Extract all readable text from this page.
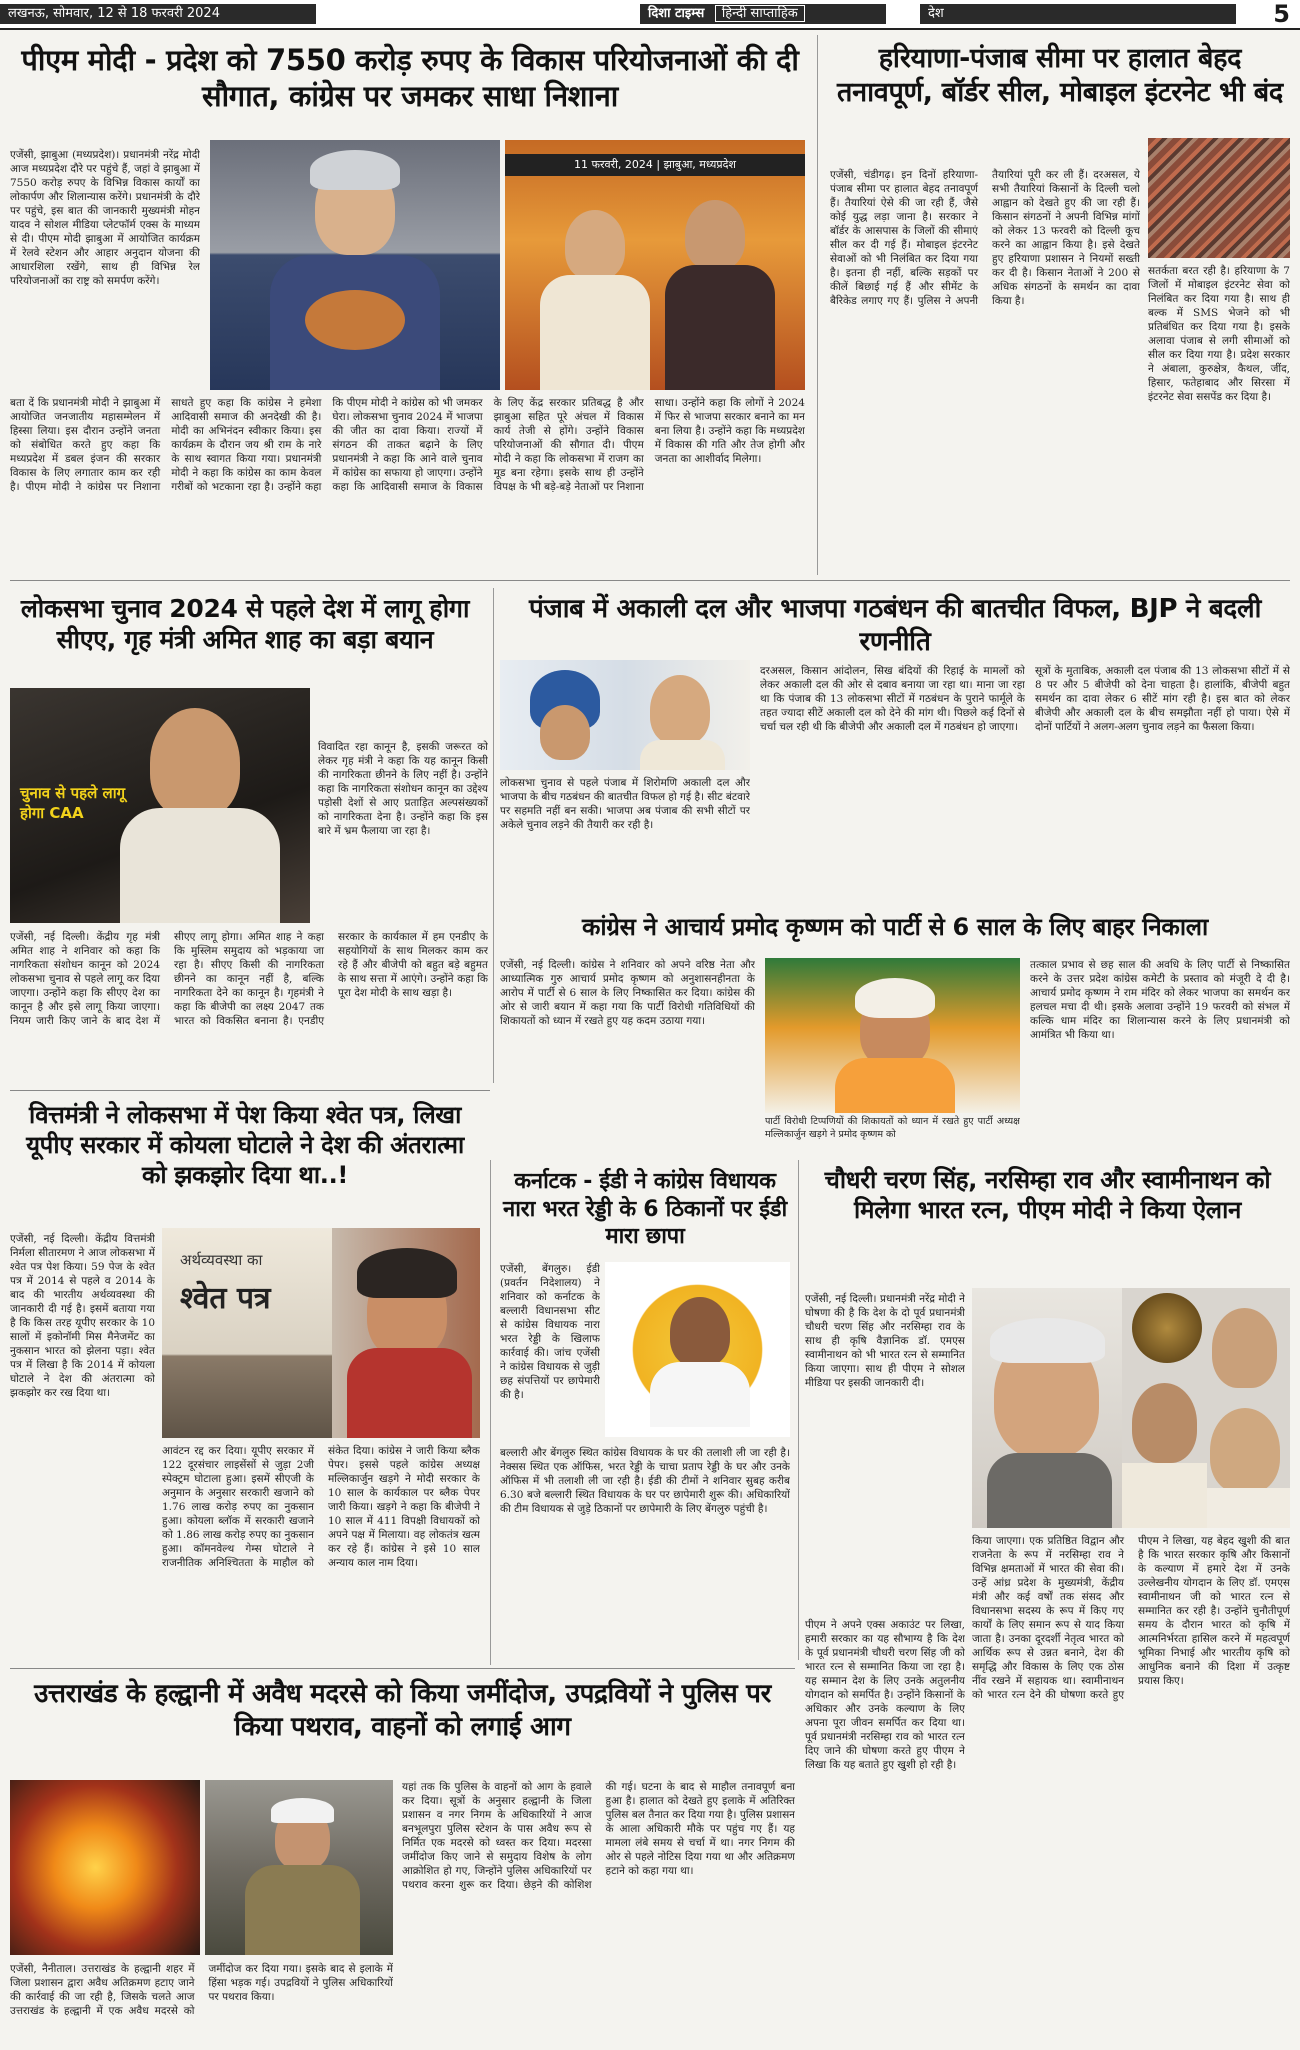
लखनऊ, सोमवार, 12 से 18 फरवरी 2024	दिशा टाइम्स हिन्दी साप्ताहिक	देश	5
पीएम मोदी - प्रदेश को 7550 करोड़ रुपए के विकास परियोजनाओं की दी सौगात, कांग्रेस पर जमकर साधा निशाना
एजेंसी, झाबुआ (मध्यप्रदेश)। प्रधानमंत्री नरेंद्र मोदी आज मध्यप्रदेश दौरे पर पहुंचे हैं, जहां वे झाबुआ में 7550 करोड़ रुपए के विभिन्न विकास कार्यों का लोकार्पण और शिलान्यास करेंगे। प्रधानमंत्री के दौरे पर पहुंचे, इस बात की जानकारी मुख्यमंत्री मोहन यादव ने सोशल मीडिया प्लेटफॉर्म एक्स के माध्यम से दी। पीएम मोदी झाबुआ में आयोजित कार्यक्रम में रेलवे स्टेशन और आहार अनुदान योजना की आधारशिला रखेंगे, साथ ही विभिन्न रेल परियोजनाओं का राष्ट्र को समर्पण करेंगे।
11 फरवरी, 2024 | झाबुआ, मध्यप्रदेश
बता दें कि प्रधानमंत्री मोदी ने झाबुआ में आयोजित जनजातीय महासम्मेलन में हिस्सा लिया। इस दौरान उन्होंने जनता को संबोधित करते हुए कहा कि मध्यप्रदेश में डबल इंजन की सरकार विकास के लिए लगातार काम कर रही है। पीएम मोदी ने कांग्रेस पर निशाना साधते हुए कहा कि कांग्रेस ने हमेशा आदिवासी समाज की अनदेखी की है। मोदी का अभिनंदन स्वीकार किया। इस कार्यक्रम के दौरान जय श्री राम के नारे के साथ स्वागत किया गया। प्रधानमंत्री मोदी ने कहा कि कांग्रेस का काम केवल गरीबों को भटकाना रहा है। उन्होंने कहा कि पीएम मोदी ने कांग्रेस को भी जमकर घेरा। लोकसभा चुनाव 2024 में भाजपा की जीत का दावा किया। राज्यों में संगठन की ताकत बढ़ाने के लिए प्रधानमंत्री ने कहा कि आने वाले चुनाव में कांग्रेस का सफाया हो जाएगा। उन्होंने कहा कि आदिवासी समाज के विकास के लिए केंद्र सरकार प्रतिबद्ध है और झाबुआ सहित पूरे अंचल में विकास कार्य तेजी से होंगे। उन्होंने विकास परियोजनाओं की सौगात दी। पीएम मोदी ने कहा कि लोकसभा में राजग का मूड बना रहेगा। इसके साथ ही उन्होंने विपक्ष के भी बड़े-बड़े नेताओं पर निशाना साधा। उन्होंने कहा कि लोगों ने 2024 में फिर से भाजपा सरकार बनाने का मन बना लिया है। उन्होंने कहा कि मध्यप्रदेश में विकास की गति और तेज होगी और जनता का आशीर्वाद मिलेगा।
हरियाणा-पंजाब सीमा पर हालात बेहद तनावपूर्ण, बॉर्डर सील, मोबाइल इंटरनेट भी बंद
एजेंसी, चंडीगढ़। इन दिनों हरियाणा-पंजाब सीमा पर हालात बेहद तनावपूर्ण हैं। तैयारियां ऐसे की जा रही हैं, जैसे कोई युद्ध लड़ा जाना है। सरकार ने बॉर्डर के आसपास के जिलों की सीमाएं सील कर दी गई हैं। मोबाइल इंटरनेट सेवाओं को भी निलंबित कर दिया गया है। इतना ही नहीं, बल्कि सड़कों पर कीलें बिछाई गई हैं और सीमेंट के बैरिकेड लगाए गए हैं। पुलिस ने अपनी तैयारियां पूरी कर ली हैं। दरअसल, ये सभी तैयारियां किसानों के दिल्ली चलो आह्वान को देखते हुए की जा रही हैं। किसान संगठनों ने अपनी विभिन्न मांगों को लेकर 13 फरवरी को दिल्ली कूच करने का आह्वान किया है। इसे देखते हुए हरियाणा प्रशासन ने नियमों सख्ती कर दी है। किसान नेताओं ने 200 से अधिक संगठनों के समर्थन का दावा किया है।
सतर्कता बरत रही है। हरियाणा के 7 जिलों में मोबाइल इंटरनेट सेवा को निलंबित कर दिया गया है। साथ ही बल्क में SMS भेजने को भी प्रतिबंधित कर दिया गया है। इसके अलावा पंजाब से लगी सीमाओं को सील कर दिया गया है। प्रदेश सरकार ने अंबाला, कुरुक्षेत्र, कैथल, जींद, हिसार, फतेहाबाद और सिरसा में इंटरनेट सेवा ससपेंड कर दिया है।
लोकसभा चुनाव 2024 से पहले देश में लागू होगा सीएए, गृह मंत्री अमित शाह का बड़ा बयान
चुनाव से पहले लागू होगा CAA
विवादित रहा कानून है, इसकी जरूरत को लेकर गृह मंत्री ने कहा कि यह कानून किसी की नागरिकता छीनने के लिए नहीं है। उन्होंने कहा कि नागरिकता संशोधन कानून का उद्देश्य पड़ोसी देशों से आए प्रताड़ित अल्पसंख्यकों को नागरिकता देना है। उन्होंने कहा कि इस बारे में भ्रम फैलाया जा रहा है।
एजेंसी, नई दिल्ली। केंद्रीय गृह मंत्री अमित शाह ने शनिवार को कहा कि नागरिकता संशोधन कानून को 2024 लोकसभा चुनाव से पहले लागू कर दिया जाएगा। उन्होंने कहा कि सीएए देश का कानून है और इसे लागू किया जाएगा। नियम जारी किए जाने के बाद देश में सीएए लागू होगा। अमित शाह ने कहा कि मुस्लिम समुदाय को भड़काया जा रहा है। सीएए किसी की नागरिकता छीनने का कानून नहीं है, बल्कि नागरिकता देने का कानून है। गृहमंत्री ने कहा कि बीजेपी का लक्ष्य 2047 तक भारत को विकसित बनाना है। एनडीए सरकार के कार्यकाल में हम एनडीए के सहयोगियों के साथ मिलकर काम कर रहे हैं और बीजेपी को बहुत बड़े बहुमत के साथ सत्ता में आएंगे। उन्होंने कहा कि पूरा देश मोदी के साथ खड़ा है।
पंजाब में अकाली दल और भाजपा गठबंधन की बातचीत विफल, BJP ने बदली रणनीति
लोकसभा चुनाव से पहले पंजाब में शिरोमणि अकाली दल और भाजपा के बीच गठबंधन की बातचीत विफल हो गई है। सीट बंटवारे पर सहमति नहीं बन सकी। भाजपा अब पंजाब की सभी सीटों पर अकेले चुनाव लड़ने की तैयारी कर रही है।
दरअसल, किसान आंदोलन, सिख बंदियों की रिहाई के मामलों को लेकर अकाली दल की ओर से दबाव बनाया जा रहा था। माना जा रहा था कि पंजाब की 13 लोकसभा सीटों में गठबंधन के पुराने फार्मूले के तहत ज्यादा सीटें अकाली दल को देने की मांग थी। पिछले कई दिनों से चर्चा चल रही थी कि बीजेपी और अकाली दल में गठबंधन हो जाएगा।
सूत्रों के मुताबिक, अकाली दल पंजाब की 13 लोकसभा सीटों में से 8 पर और 5 बीजेपी को देना चाहता है। हालांकि, बीजेपी बहुत समर्थन का दावा लेकर 6 सीटें मांग रही है। इस बात को लेकर बीजेपी और अकाली दल के बीच समझौता नहीं हो पाया। ऐसे में दोनों पार्टियों ने अलग-अलग चुनाव लड़ने का फैसला किया।
कांग्रेस ने आचार्य प्रमोद कृष्णम को पार्टी से 6 साल के लिए बाहर निकाला
एजेंसी, नई दिल्ली। कांग्रेस ने शनिवार को अपने वरिष्ठ नेता और आध्यात्मिक गुरु आचार्य प्रमोद कृष्णम को अनुशासनहीनता के आरोप में पार्टी से 6 साल के लिए निष्कासित कर दिया। कांग्रेस की ओर से जारी बयान में कहा गया कि पार्टी विरोधी गतिविधियों की शिकायतों को ध्यान में रखते हुए यह कदम उठाया गया।
पार्टी विरोधी टिप्पणियों की शिकायतों को ध्यान में रखते हुए पार्टी अध्यक्ष मल्लिकार्जुन खड़गे ने प्रमोद कृष्णम को
तत्काल प्रभाव से छह साल की अवधि के लिए पार्टी से निष्कासित करने के उत्तर प्रदेश कांग्रेस कमेटी के प्रस्ताव को मंजूरी दे दी है। आचार्य प्रमोद कृष्णम ने राम मंदिर को लेकर भाजपा का समर्थन कर हलचल मचा दी थी। इसके अलावा उन्होंने 19 फरवरी को संभल में कल्कि धाम मंदिर का शिलान्यास करने के लिए प्रधानमंत्री को आमंत्रित भी किया था।
वित्तमंत्री ने लोकसभा में पेश किया श्वेत पत्र, लिखा यूपीए सरकार में कोयला घोटाले ने देश की अंतरात्मा को झकझोर दिया था..!
एजेंसी, नई दिल्ली। केंद्रीय वित्तमंत्री निर्मला सीतारमण ने आज लोकसभा में श्वेत पत्र पेश किया। 59 पेज के श्वेत पत्र में 2014 से पहले व 2014 के बाद की भारतीय अर्थव्यवस्था की जानकारी दी गई है। इसमें बताया गया है कि किस तरह यूपीए सरकार के 10 सालों में इकोनॉमी मिस मैनेजमेंट का नुकसान भारत को झेलना पड़ा। श्वेत पत्र में लिखा है कि 2014 में कोयला घोटाले ने देश की अंतरात्मा को झकझोर कर रख दिया था।
अर्थव्यवस्था का
श्वेत पत्र
आवंटन रद्द कर दिया। यूपीए सरकार में 122 दूरसंचार लाइसेंसों से जुड़ा 2जी स्पेक्ट्रम घोटाला हुआ। इसमें सीएजी के अनुमान के अनुसार सरकारी खजाने को 1.76 लाख करोड़ रुपए का नुकसान हुआ। कोयला ब्लॉक में सरकारी खजाने को 1.86 लाख करोड़ रुपए का नुकसान हुआ। कॉमनवेल्थ गेम्स घोटाले ने राजनीतिक अनिश्चितता के माहौल को संकेत दिया। कांग्रेस ने जारी किया ब्लैक पेपर। इससे पहले कांग्रेस अध्यक्ष मल्लिकार्जुन खड़गे ने मोदी सरकार के 10 साल के कार्यकाल पर ब्लैक पेपर जारी किया। खड़गे ने कहा कि बीजेपी ने 10 साल में 411 विपक्षी विधायकों को अपने पक्ष में मिलाया। वह लोकतंत्र खत्म कर रहे हैं। कांग्रेस ने इसे 10 साल अन्याय काल नाम दिया।
कर्नाटक - ईडी ने कांग्रेस विधायक नारा भरत रेड्डी के 6 ठिकानों पर ईडी मारा छापा
एजेंसी, बेंगलुरु। ईडी (प्रवर्तन निदेशालय) ने शनिवार को कर्नाटक के बल्लारी विधानसभा सीट से कांग्रेस विधायक नारा भरत रेड्डी के खिलाफ कार्रवाई की। जांच एजेंसी ने कांग्रेस विधायक से जुड़ी छह संपत्तियों पर छापेमारी की है।
बल्लारी और बेंगलुरु स्थित कांग्रेस विधायक के घर की तलाशी ली जा रही है। नेक्सस स्थित एक ऑफिस, भरत रेड्डी के चाचा प्रताप रेड्डी के घर और उनके ऑफिस में भी तलाशी ली जा रही है। ईडी की टीमों ने शनिवार सुबह करीब 6.30 बजे बल्लारी स्थित विधायक के घर पर छापेमारी शुरू की। अधिकारियों की टीम विधायक से जुड़े ठिकानों पर छापेमारी के लिए बेंगलुरु पहुंची है।
चौधरी चरण सिंह, नरसिम्हा राव और स्वामीनाथन को मिलेगा भारत रत्न, पीएम मोदी ने किया ऐलान
एजेंसी, नई दिल्ली। प्रधानमंत्री नरेंद्र मोदी ने घोषणा की है कि देश के दो पूर्व प्रधानमंत्री चौधरी चरण सिंह और नरसिम्हा राव के साथ ही कृषि वैज्ञानिक डॉ. एमएस स्वामीनाथन को भी भारत रत्न से सम्मानित किया जाएगा। साथ ही पीएम ने सोशल मीडिया पर इसकी जानकारी दी।
पीएम ने अपने एक्स अकाउंट पर लिखा, हमारी सरकार का यह सौभाग्य है कि देश के पूर्व प्रधानमंत्री चौधरी चरण सिंह जी को भारत रत्न से सम्मानित किया जा रहा है। यह सम्मान देश के लिए उनके अतुलनीय योगदान को समर्पित है। उन्होंने किसानों के अधिकार और उनके कल्याण के लिए अपना पूरा जीवन समर्पित कर दिया था। पूर्व प्रधानमंत्री नरसिम्हा राव को भारत रत्न दिए जाने की घोषणा करते हुए पीएम ने लिखा कि यह बताते हुए खुशी हो रही है।
किया जाएगा। एक प्रतिष्ठित विद्वान और राजनेता के रूप में नरसिम्हा राव ने विभिन्न क्षमताओं में भारत की सेवा की। उन्हें आंध्र प्रदेश के मुख्यमंत्री, केंद्रीय मंत्री और कई वर्षों तक संसद और विधानसभा सदस्य के रूप में किए गए कार्यों के लिए समान रूप से याद किया जाता है। उनका दूरदर्शी नेतृत्व भारत को आर्थिक रूप से उन्नत बनाने, देश की समृद्धि और विकास के लिए एक ठोस नींव रखने में सहायक था। स्वामीनाथन को भारत रत्न देने की घोषणा करते हुए पीएम ने लिखा, यह बेहद खुशी की बात है कि भारत सरकार कृषि और किसानों के कल्याण में हमारे देश में उनके उल्लेखनीय योगदान के लिए डॉ. एमएस स्वामीनाथन जी को भारत रत्न से सम्मानित कर रही है। उन्होंने चुनौतीपूर्ण समय के दौरान भारत को कृषि में आत्मनिर्भरता हासिल करने में महत्वपूर्ण भूमिका निभाई और भारतीय कृषि को आधुनिक बनाने की दिशा में उत्कृष्ट प्रयास किए।
उत्तराखंड के हल्द्वानी में अवैध मदरसे को किया जमींदोज, उपद्रवियों ने पुलिस पर किया पथराव, वाहनों को लगाई आग
एजेंसी, नैनीताल। उत्तराखंड के हल्द्वानी शहर में जिला प्रशासन द्वारा अवैध अतिक्रमण हटाए जाने की कार्रवाई की जा रही है, जिसके चलते आज उत्तराखंड के हल्द्वानी में एक अवैध मदरसे को जमींदोज कर दिया गया। इसके बाद से इलाके में हिंसा भड़क गई। उपद्रवियों ने पुलिस अधिकारियों पर पथराव किया।
यहां तक कि पुलिस के वाहनों को आग के हवाले कर दिया। सूत्रों के अनुसार हल्द्वानी के जिला प्रशासन व नगर निगम के अधिकारियों ने आज बनभूलपुरा पुलिस स्टेशन के पास अवैध रूप से निर्मित एक मदरसे को ध्वस्त कर दिया। मदरसा जमींदोज किए जाने से समुदाय विशेष के लोग आक्रोशित हो गए, जिन्होंने पुलिस अधिकारियों पर पथराव करना शुरू कर दिया। छेड़ने की कोशिश की गई। घटना के बाद से माहौल तनावपूर्ण बना हुआ है। हालात को देखते हुए इलाके में अतिरिक्त पुलिस बल तैनात कर दिया गया है। पुलिस प्रशासन के आला अधिकारी मौके पर पहुंच गए हैं। यह मामला लंबे समय से चर्चा में था। नगर निगम की ओर से पहले नोटिस दिया गया था और अतिक्रमण हटाने को कहा गया था।
